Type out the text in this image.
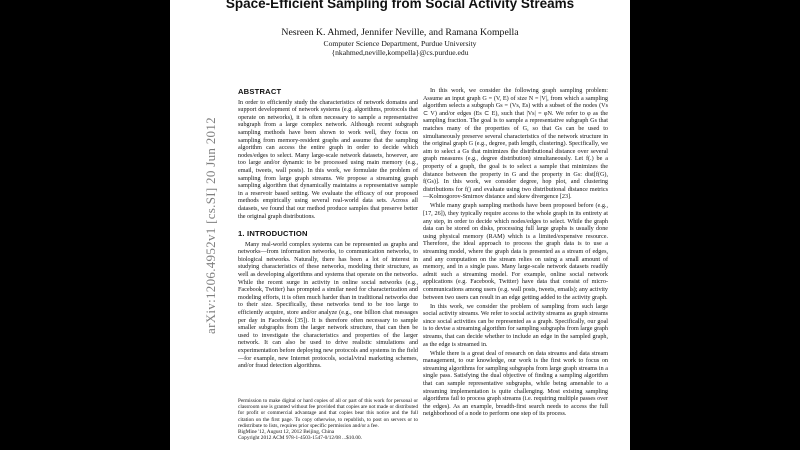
Space-Efficient Sampling from Social Activity Streams
Nesreen K. Ahmed, Jennifer Neville, and Ramana Kompella
Computer Science Department, Purdue University
{nkahmed,neville,kompella}@cs.purdue.edu
arXiv:1206.4952v1 [cs.SI] 20 Jun 2012
ABSTRACT

In order to efficiently study the characteristics of network domains and support development of network systems (e.g. algorithms, protocols that operate on networks), it is often necessary to sample a representative subgraph from a large complex network. Although recent subgraph sampling methods have been shown to work well, they focus on sampling from memory-resident graphs and assume that the sampling algorithm can access the entire graph in order to decide which nodes/edges to select. Many large-scale network datasets, however, are too large and/or dynamic to be processed using main memory (e.g., email, tweets, wall posts). In this work, we formulate the problem of sampling from large graph streams. We propose a streaming graph sampling algorithm that dynamically maintains a representative sample in a reservoir based setting. We evaluate the efficacy of our proposed methods empirically using several real-world data sets. Across all datasets, we found that our method produce samples that preserve better the original graph distributions.

1. INTRODUCTION

Many real-world complex systems can be represented as graphs and networks—from information networks, to communication networks, to biological networks. Naturally, there has been a lot of interest in studying characteristics of these networks, modeling their structure, as well as developing algorithms and systems that operate on the networks. While the recent surge in activity in online social networks (e.g., Facebook, Twitter) has prompted a similar need for characterization and modeling efforts, it is often much harder than in traditional networks due to their size. Specifically, these networks tend to be too large to efficiently acquire, store and/or analyze (e.g., one billion chat messages per day in Facebook [35]). It is therefore often necessary to sample smaller subgraphs from the larger network structure, that can then be used to investigate the characteristics and properties of the larger network. It can also be used to drive realistic simulations and experimentation before deploying new protocols and systems in the field—for example, new Internet protocols, social/viral marketing schemes, and/or fraud detection algorithms.

Permission to make digital or hard copies of all or part of this work for personal or classroom use is granted without fee provided that copies are not made or distributed for profit or commercial advantage and that copies bear this notice and the full citation on the first page. To copy otherwise, to republish, to post on servers or to redistribute to lists, requires prior specific permission and/or a fee.
BigMine '12, August 12, 2012 Beijing, China
Copyright 2012 ACM 978-1-4503-1547-0/12/08 ...$10.00.

In this work, we consider the following graph sampling problem: Assume an input graph G = (V, E) of size N = |V|, from which a sampling algorithm selects a subgraph Gs = (Vs, Es) with a subset of the nodes (Vs ⊂ V) and/or edges (Es ⊂ E), such that |Vs| = φN. We refer to φ as the sampling fraction. The goal is to sample a representative subgraph Gs that matches many of the properties of G, so that Gs can be used to simultaneously preserve several characteristics of the network structure in the original graph G (e.g., degree, path length, clustering). Specifically, we aim to select a Gs that minimizes the distributional distance over several graph measures (e.g., degree distribution) simultaneously. Let f(.) be a property of a graph, the goal is to select a sample that minimizes the distance between the property in G and the property in Gs: dist[f(G), f(Gs)]. In this work, we consider degree, hop plot, and clustering distributions for f() and evaluate using two distributional distance metrics—Kolmogorov-Smirnov distance and skew divergence [23].

While many graph sampling methods have been proposed before (e.g., [17, 26]), they typically require access to the whole graph in its entirety at any step, in order to decide which nodes/edges to select. While the graph data can be stored on disks, processing full large graphs is usually done using physical memory (RAM) which is a limited/expensive resource. Therefore, the ideal approach to process the graph data is to use a streaming model, where the graph data is presented as a stream of edges, and any computation on the stream relies on using a small amount of memory, and in a single pass. Many large-scale network datasets readily admit such a streaming model. For example, online social network applications (e.g. Facebook, Twitter) have data that consist of micro-communications among users (e.g. wall posts, tweets, emails); any activity between two users can result in an edge getting added to the activity graph.

In this work, we consider the problem of sampling from such large social activity streams. We refer to social activity streams as graph streams since social activities can be represented as a graph. Specifically, our goal is to devise a streaming algorithm for sampling subgraphs from large graph streams, that can decide whether to include an edge in the sampled graph, as the edge is streamed in.

While there is a great deal of research on data streams and data stream management, to our knowledge, our work is the first work to focus on streaming algorithms for sampling subgraphs from large graph streams in a single pass. Satisfying the dual objective of finding a sampling algorithm that can sample representative subgraphs, while being amenable to a streaming implementation is quite challenging. Most existing sampling algorithms fail to process graph streams (i.e. requiring multiple passes over the edges). As an example, breadth-first search needs to access the full neighborhood of a node to perform one step of its process.
